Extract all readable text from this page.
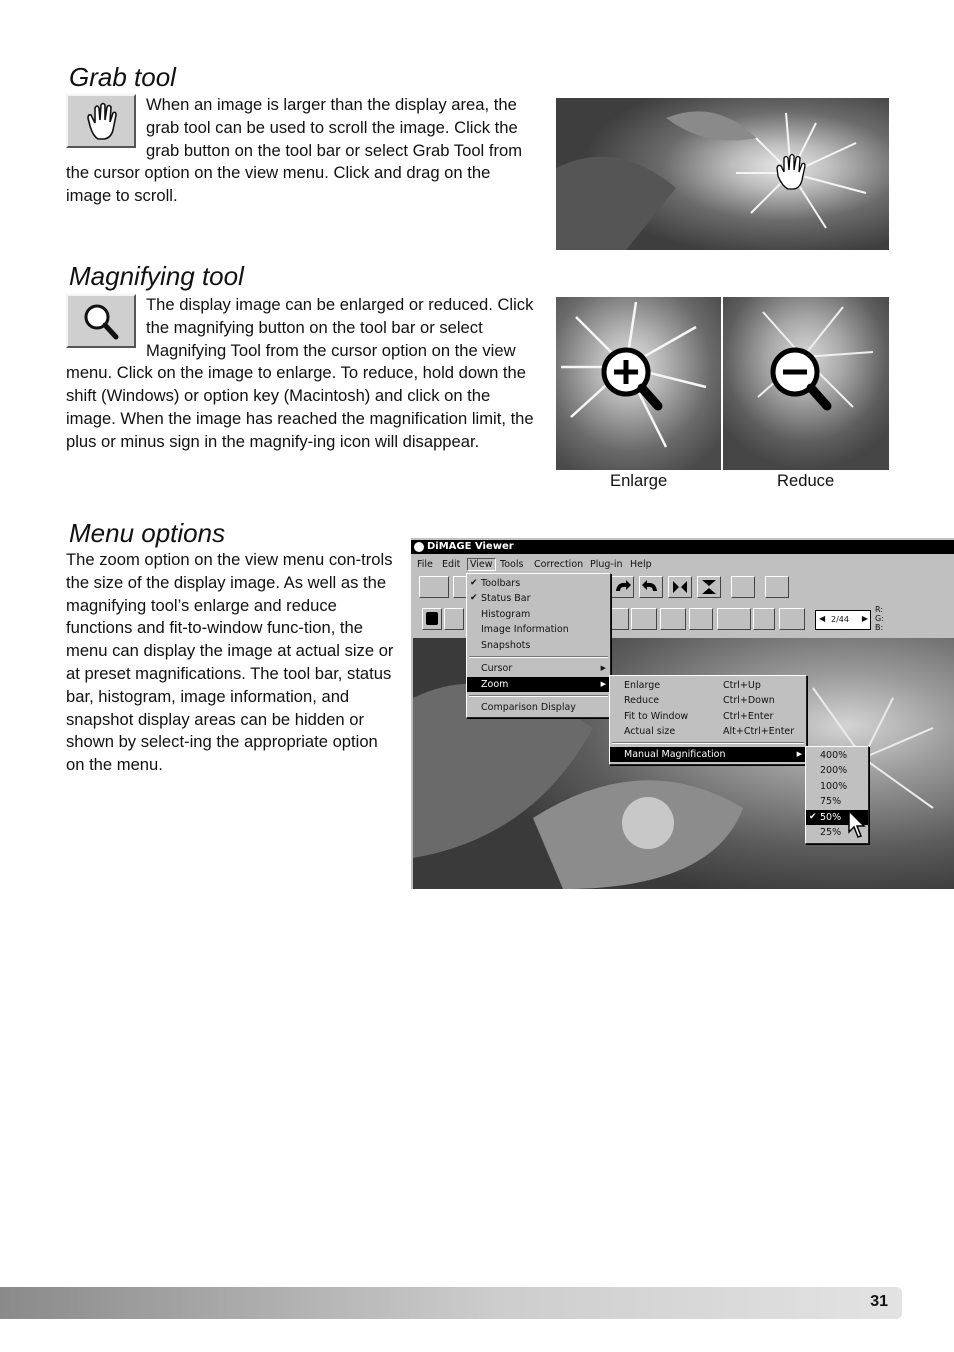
Grab tool
When an image is larger than the display area, the grab tool can be used to scroll the image. Click the grab button on the tool bar or select Grab Tool from the cursor option on the view menu. Click and drag on the image to scroll.
Magnifying tool
The display image can be enlarged or reduced. Click the magnifying button on the tool bar or select Magnifying Tool from the cursor option on the view menu. Click on the image to enlarge. To reduce, hold down the shift (Windows) or option key (Macintosh) and click on the image. When the image has reached the magnification limit, the plus or minus sign in the magnify-ing icon will disappear.
Enlarge	Reduce
Menu options
The zoom option on the view menu con-trols the size of the display image. As well as the magnifying tool’s enlarge and reduce functions and fit-to-window func-tion, the menu can display the image at actual size or at preset magnifications. The tool bar, status bar, histogram, image information, and snapshot display areas can be hidden or shown by select-ing the appropriate option on the menu.
DiMAGE Viewer
File Edit	View Tools Correction Plug-in Help
◀ 2/44 ▶
R:
G:
B:
✔ Toolbars
✔ Status Bar
Histogram
Image Information
Snapshots
Cursor	▶
Zoom	▶
Comparison Display
Enlarge	Ctrl+Up
Reduce	Ctrl+Down
Fit to Window	Ctrl+Enter
Actual size	Alt+Ctrl+Enter
Manual Magnification	▶ 400%
200%
100%
75%
✔ 50%
25%
31
